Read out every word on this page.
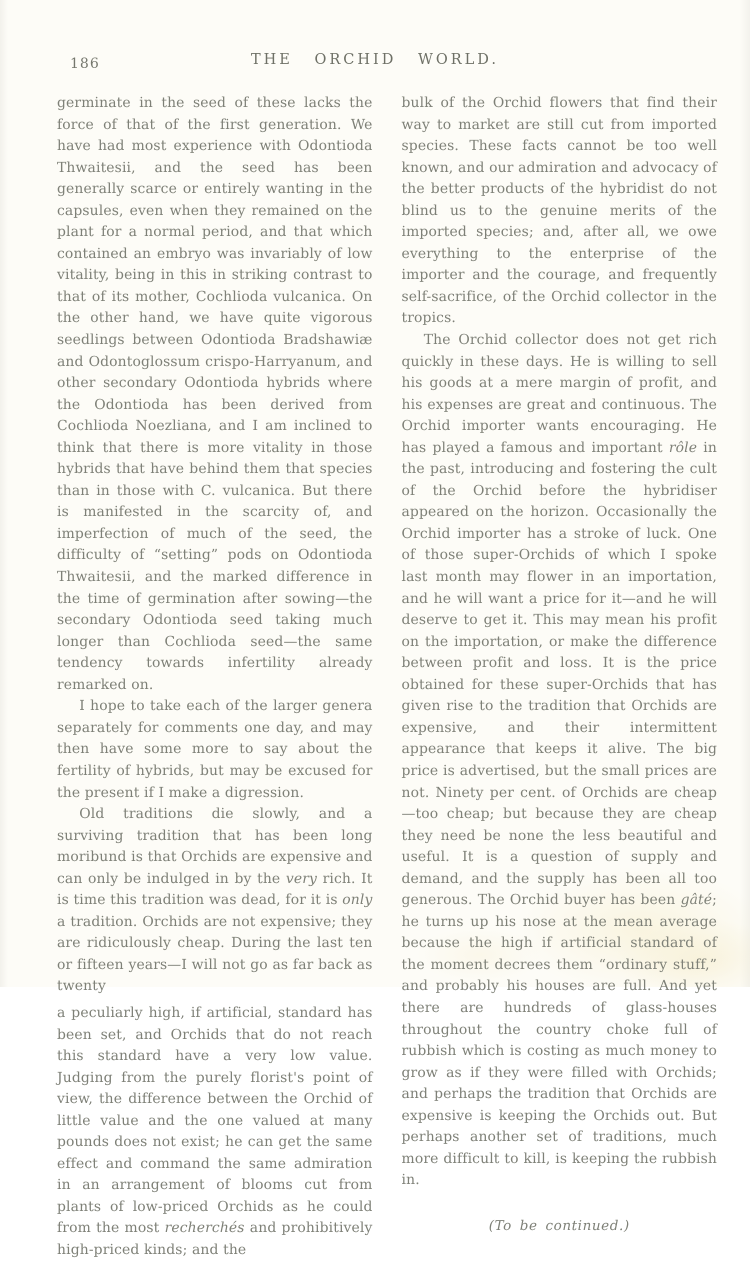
186	THE ORCHID WORLD.

germinate in the seed of these lacks the force of that of the first generation. We have had most experience with Odontioda Thwaitesii, and the seed has been generally scarce or entirely wanting in the capsules, even when they remained on the plant for a normal period, and that which contained an embryo was invariably of low vitality, being in this in striking contrast to that of its mother, Cochlioda vulcanica. On the other hand, we have quite vigorous seedlings between Odontioda Bradshawiæ and Odontoglossum crispo-Harryanum, and other secondary Odontioda hybrids where the Odontioda has been derived from Cochlioda Noezliana, and I am inclined to think that there is more vitality in those hybrids that have behind them that species than in those with C. vulcanica. But there is manifested in the scarcity of, and imperfection of much of the seed, the difficulty of “setting” pods on Odontioda Thwaitesii, and the marked difference in the time of germination after sowing—the secondary Odontioda seed taking much longer than Cochlioda seed—the same tendency towards infertility already remarked on.

I hope to take each of the larger genera separately for comments one day, and may then have some more to say about the fertility of hybrids, but may be excused for the present if I make a digression.

Old traditions die slowly, and a surviving tradition that has been long moribund is that Orchids are expensive and can only be indulged in by the very rich. It is time this tradition was dead, for it is only a tradition. Orchids are not expensive; they are ridiculously cheap. During the last ten or fifteen years—I will not go as far back as twenty

a peculiarly high, if artificial, standard has been set, and Orchids that do not reach this standard have a very low value. Judging from the purely florist's point of view, the difference between the Orchid of little value and the one valued at many pounds does not exist; he can get the same effect and command the same admiration in an arrangement of blooms cut from plants of low-priced Orchids as he could from the most recherchés and prohibitively high-priced kinds; and the

bulk of the Orchid flowers that find their way to market are still cut from imported species. These facts cannot be too well known, and our admiration and advocacy of the better products of the hybridist do not blind us to the genuine merits of the imported species; and, after all, we owe everything to the enterprise of the importer and the courage, and frequently self-sacrifice, of the Orchid collector in the tropics.

The Orchid collector does not get rich quickly in these days. He is willing to sell his goods at a mere margin of profit, and his expenses are great and continuous. The Orchid importer wants encouraging. He has played a famous and important rôle in the past, introducing and fostering the cult of the Orchid before the hybridiser appeared on the horizon. Occasionally the Orchid importer has a stroke of luck. One of those super-Orchids of which I spoke last month may flower in an importation, and he will want a price for it—and he will deserve to get it. This may mean his profit on the importation, or make the difference between profit and loss. It is the price obtained for these super-Orchids that has given rise to the tradition that Orchids are expensive, and their intermittent appearance that keeps it alive. The big price is advertised, but the small prices are not. Ninety per cent. of Orchids are cheap—too cheap; but because they are cheap they need be none the less beautiful and useful. It is a question of supply and demand, and the supply has been all too generous. The Orchid buyer has been gâté; he turns up his nose at the mean average because the high if artificial standard of the moment decrees them “ordinary stuff,” and probably his houses are full. And yet there are hundreds of glass-houses throughout the country choke full of rubbish which is costing as much money to grow as if they were filled with Orchids; and perhaps the tradition that Orchids are expensive is keeping the Orchids out. But perhaps another set of traditions, much more difficult to kill, is keeping the rubbish in.

(To be continued.)
